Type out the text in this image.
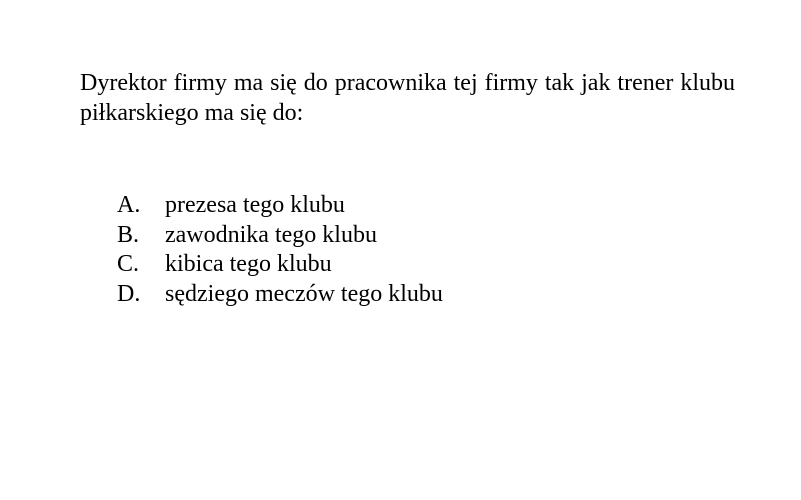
Dyrektor firmy ma się do pracownika tej firmy tak jak trener klubu piłkarskiego ma się do:

A.	prezesa tego klubu
B.	zawodnika tego klubu
C.	kibica tego klubu
D.	sędziego meczów tego klubu
